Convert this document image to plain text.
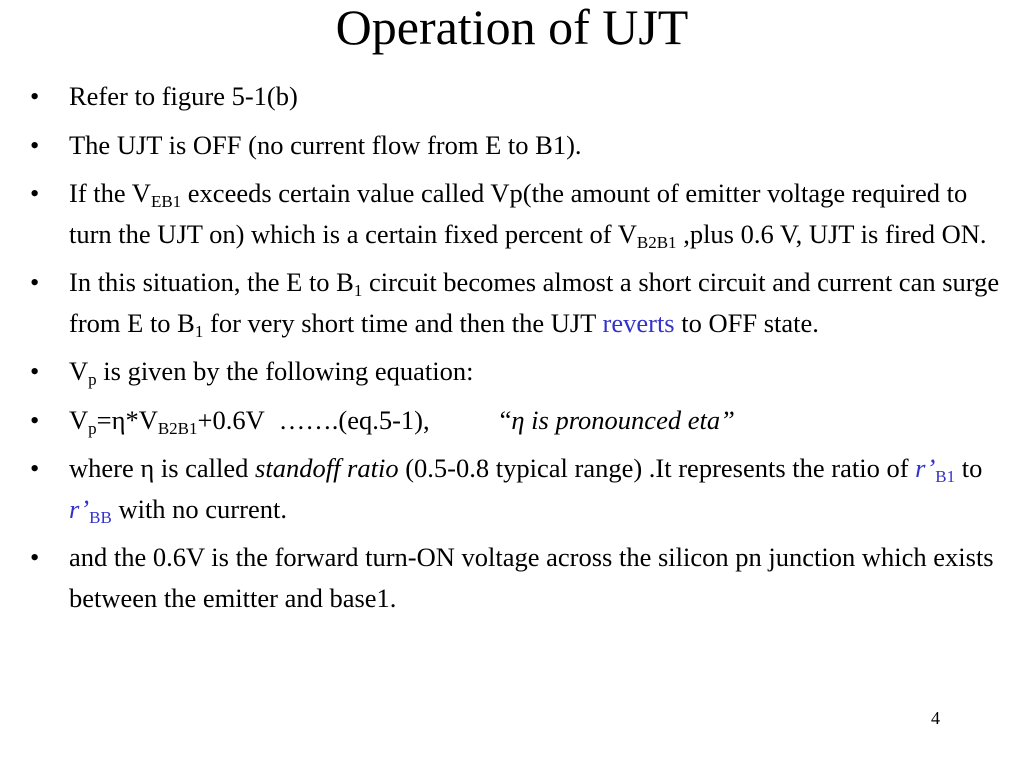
Operation of UJT
• Refer to figure 5-1(b)
• The UJT is OFF (no current flow from E to B1).
• If the $V_{EB1}$ exceeds certain value called Vp(the amount of emitter voltage required to turn the UJT on) which is a certain fixed percent of $V_{B2B1}$ ,plus 0.6 V, UJT is fired ON.
• In this situation, the E to $B_1$ circuit becomes almost a short circuit and current can surge from E to $B_1$ for very short time and then the UJT reverts to OFF state.
• $V_p$ is given by the following equation:
• $V_p=\eta*V_{B2B1}+0.6V$ …….(eq.5-1),	“η is pronounced eta”
• where η is called standoff ratio (0.5-0.8 typical range) .It represents the ratio of $r’_{B1}$ to $r’_{BB}$ with no current.
• and the 0.6V is the forward turn-ON voltage across the silicon pn junction which exists between the emitter and base1.
4
